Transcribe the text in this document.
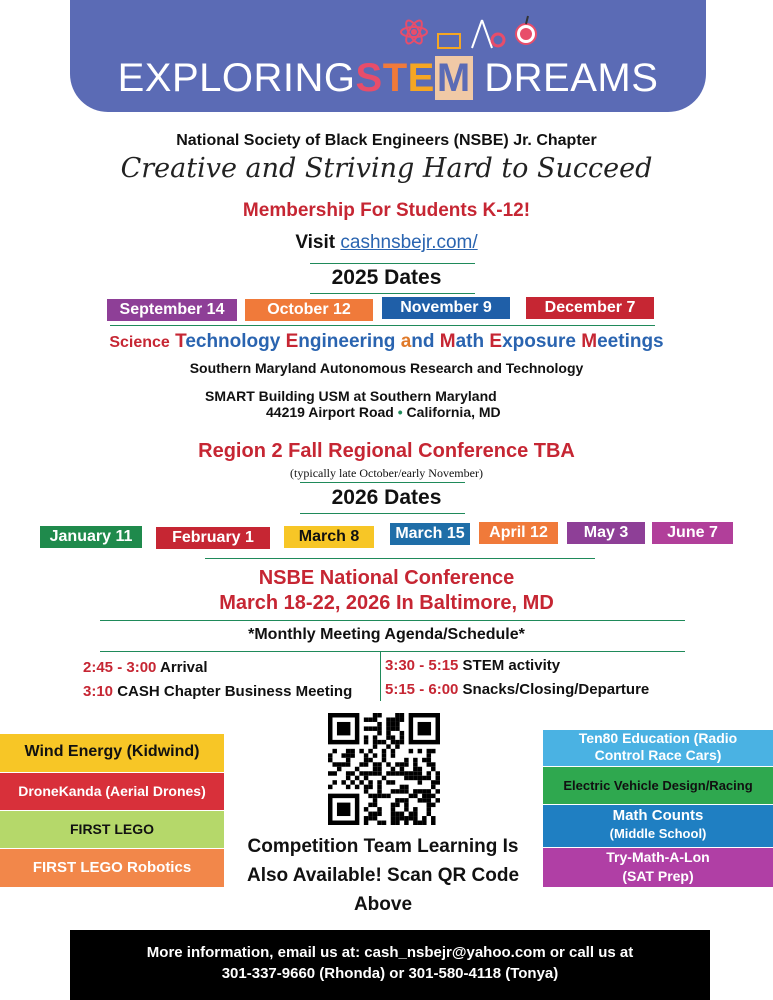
EXPLORINGSTEM DREAMS
National Society of Black Engineers (NSBE) Jr. Chapter
Creative and Striving Hard to Succeed
Membership For Students K-12!
Visit cashnsbejr.com/
2025 Dates
September 14	October 12	November 9	December 7
Science Technology Engineering and Math Exposure Meetings
Southern Maryland Autonomous Research and Technology
SMART Building USM at Southern Maryland
44219 Airport Road • California, MD
Region 2 Fall Regional Conference TBA
(typically late October/early November)
2026 Dates
January 11	February 1	March 8	March 15	April 12	May 3	June 7
NSBE National Conference
March 18-22, 2026 In Baltimore, MD
*Monthly Meeting Agenda/Schedule*
2:45 - 3:00 Arrival
3:10 CASH Chapter Business Meeting
3:30 - 5:15 STEM activity
5:15 - 6:00 Snacks/Closing/Departure
Wind Energy (Kidwind)
DroneKanda (Aerial Drones)
FIRST LEGO
FIRST LEGO Robotics
Competition Team Learning Is
Also Available! Scan QR Code
Above
Ten80 Education (Radio
Control Race Cars)
Electric Vehicle Design/Racing
Math Counts
(Middle School)
Try-Math-A-Lon
(SAT Prep)
More information, email us at: cash_nsbejr@yahoo.com or call us at
301-337-9660 (Rhonda) or 301-580-4118 (Tonya)
